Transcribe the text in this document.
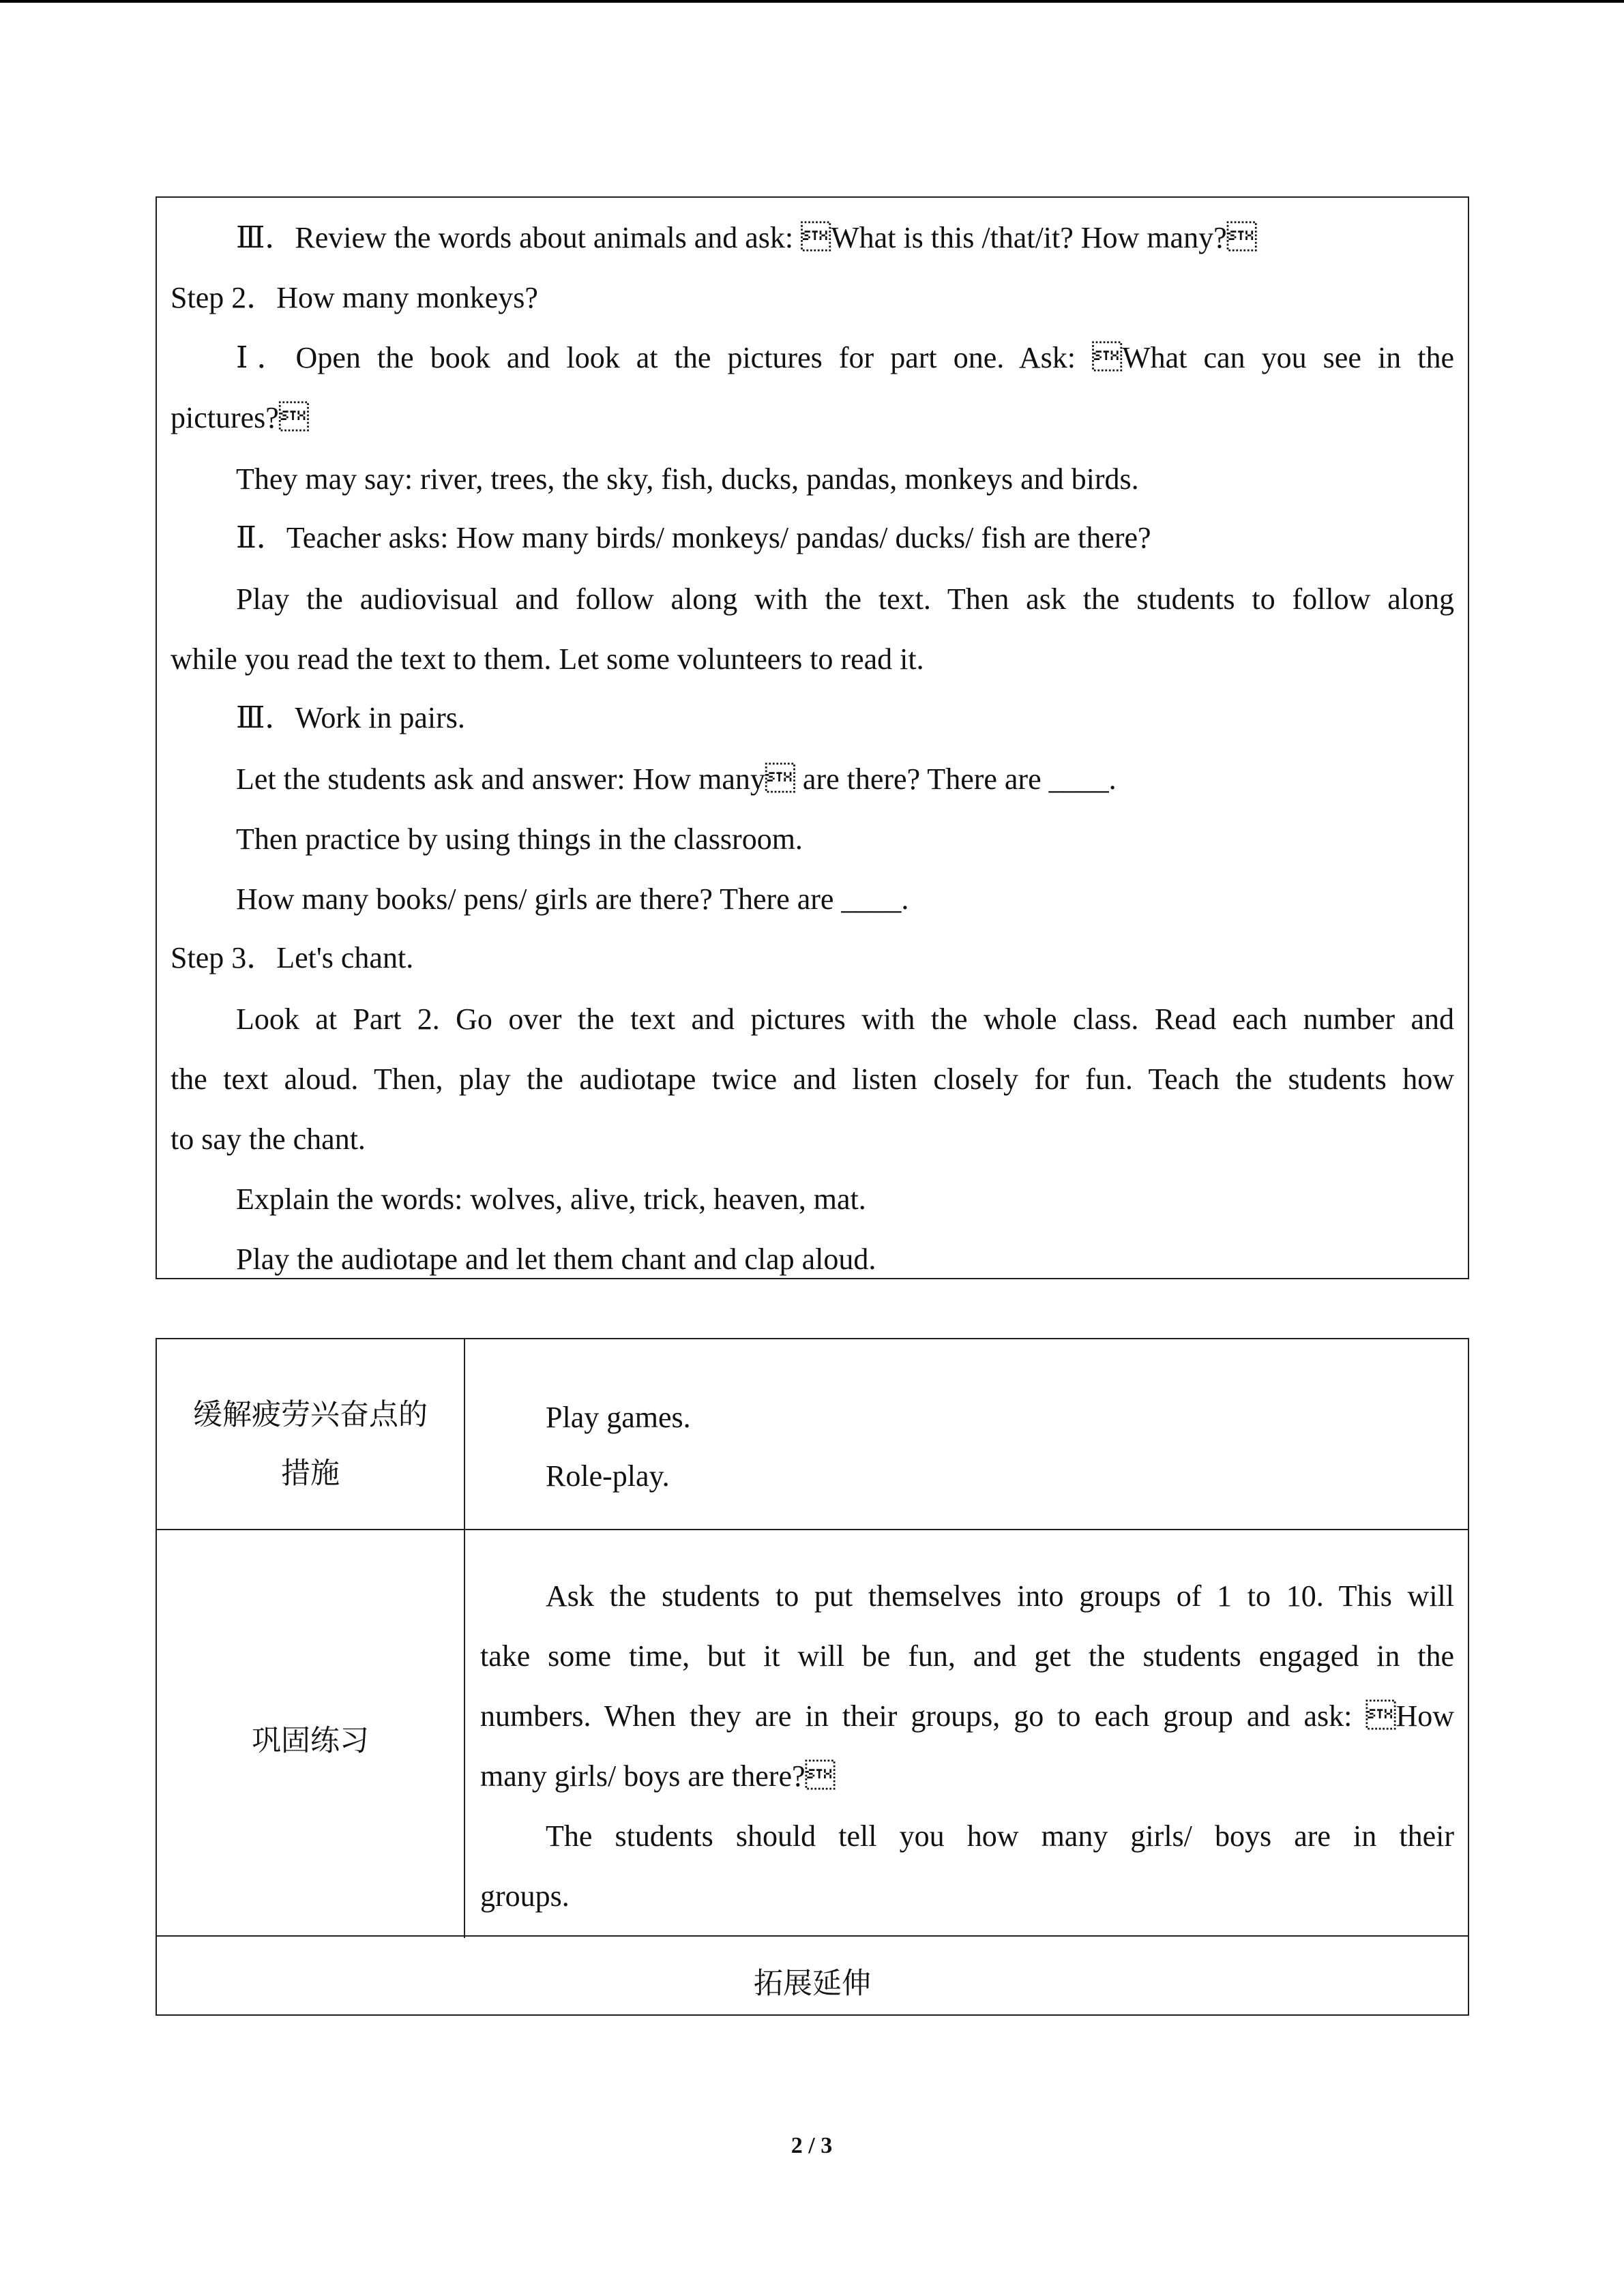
Ⅲ．Review the words about animals and ask: What is this /that/it? How many?
Step 2．How many monkeys?
Ⅰ．Open the book and look at the pictures for part one. Ask: What can you see in the
pictures?
They may say: river, trees, the sky, fish, ducks, pandas, monkeys and birds.
Ⅱ．Teacher asks: How many birds/ monkeys/ pandas/ ducks/ fish are there?
Play the audiovisual and follow along with the text. Then ask the students to follow along
while you read the text to them. Let some volunteers to read it.
Ⅲ．Work in pairs.
Let the students ask and answer: How many are there? There are ____.
Then practice by using things in the classroom.
How many books/ pens/ girls are there? There are ____.
Step 3．Let's chant.
Look at Part 2. Go over the text and pictures with the whole class. Read each number and
the text aloud. Then, play the audiotape twice and listen closely for fun. Teach the students how
to say the chant.
Explain the words: wolves, alive, trick, heaven, mat.
Play the audiotape and let them chant and clap aloud.
缓解疲劳兴奋点的
措施
Play games.
Role-play.
巩固练习
Ask the students to put themselves into groups of 1 to 10. This will
take some time, but it will be fun, and get the students engaged in the
numbers. When they are in their groups, go to each group and ask: How
many girls/ boys are there?
The students should tell you how many girls/ boys are in their
groups.
拓展延伸
2 / 3
